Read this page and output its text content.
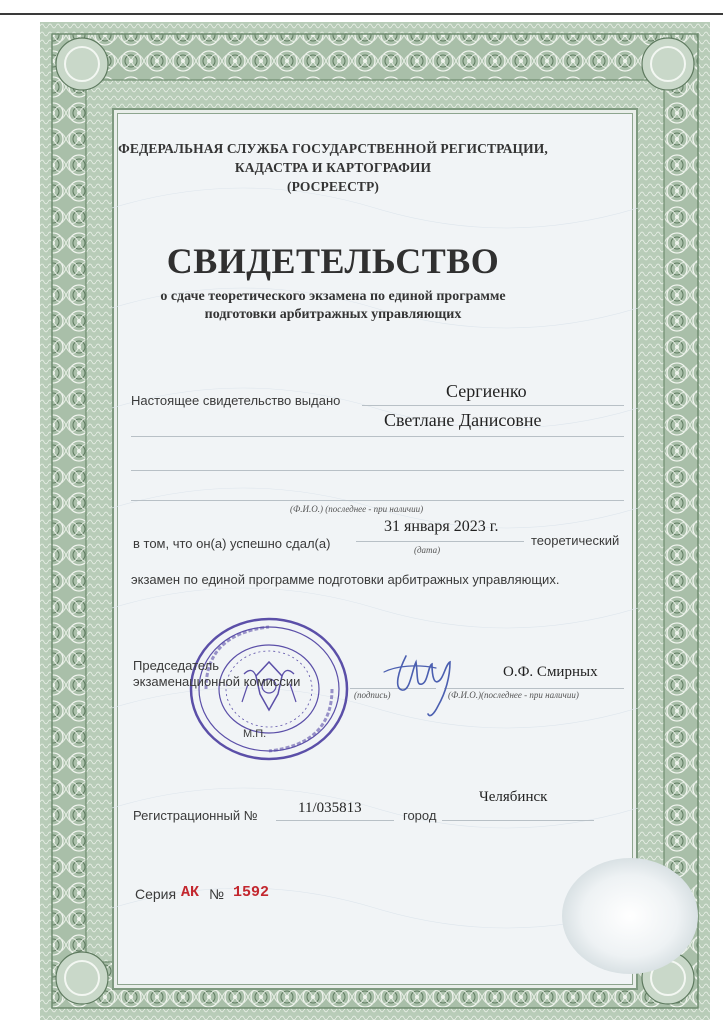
ФЕДЕРАЛЬНАЯ СЛУЖБА ГОСУДАРСТВЕННОЙ РЕГИСТРАЦИИ,
КАДАСТРА И КАРТОГРАФИИ
(РОСРЕЕСТР)
СВИДЕТЕЛЬСТВО
о сдаче теоретического экзамена по единой программе
подготовки арбитражных управляющих
Настоящее свидетельство выдано	Сергиенко
Светлане Данисовне
(Ф.И.О.) (последнее - при наличии)
31 января 2023 г.
в том, что он(а) успешно сдал(а)	теоретический
(дата)
экзамен по единой программе подготовки арбитражных управляющих.
Председатель
экзаменационной комиссии
О.Ф. Смирных
(подпись)	(Ф.И.О.)(последнее - при наличии)
М.П.
Регистрационный №	11/035813	город
Челябинск
Серия АК № 1592
